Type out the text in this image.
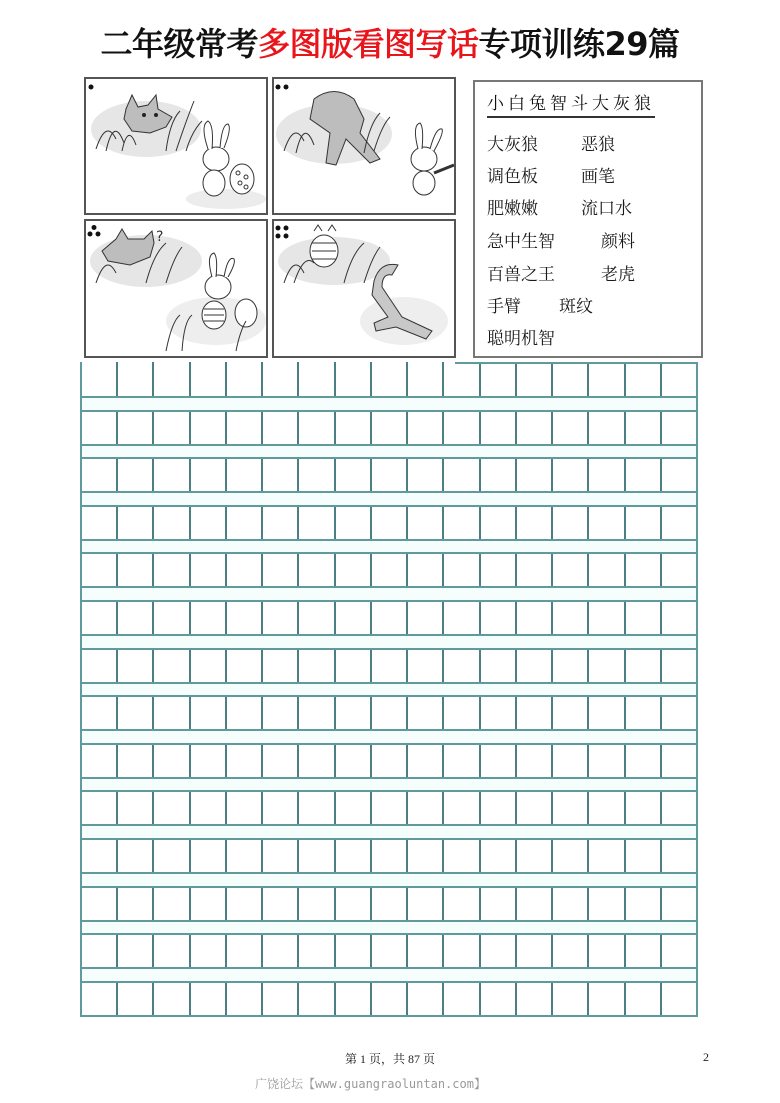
二年级常考多图版看图写话专项训练29篇
?
小白兔智斗大灰狼
大灰狼	恶狼
调色板	画笔
肥嫩嫩	流口水
急中生智	颜料
百兽之王	老虎
手臂 斑纹
聪明机智
第 1 页，共 87 页	2
广饶论坛【www.guangraoluntan.com】
